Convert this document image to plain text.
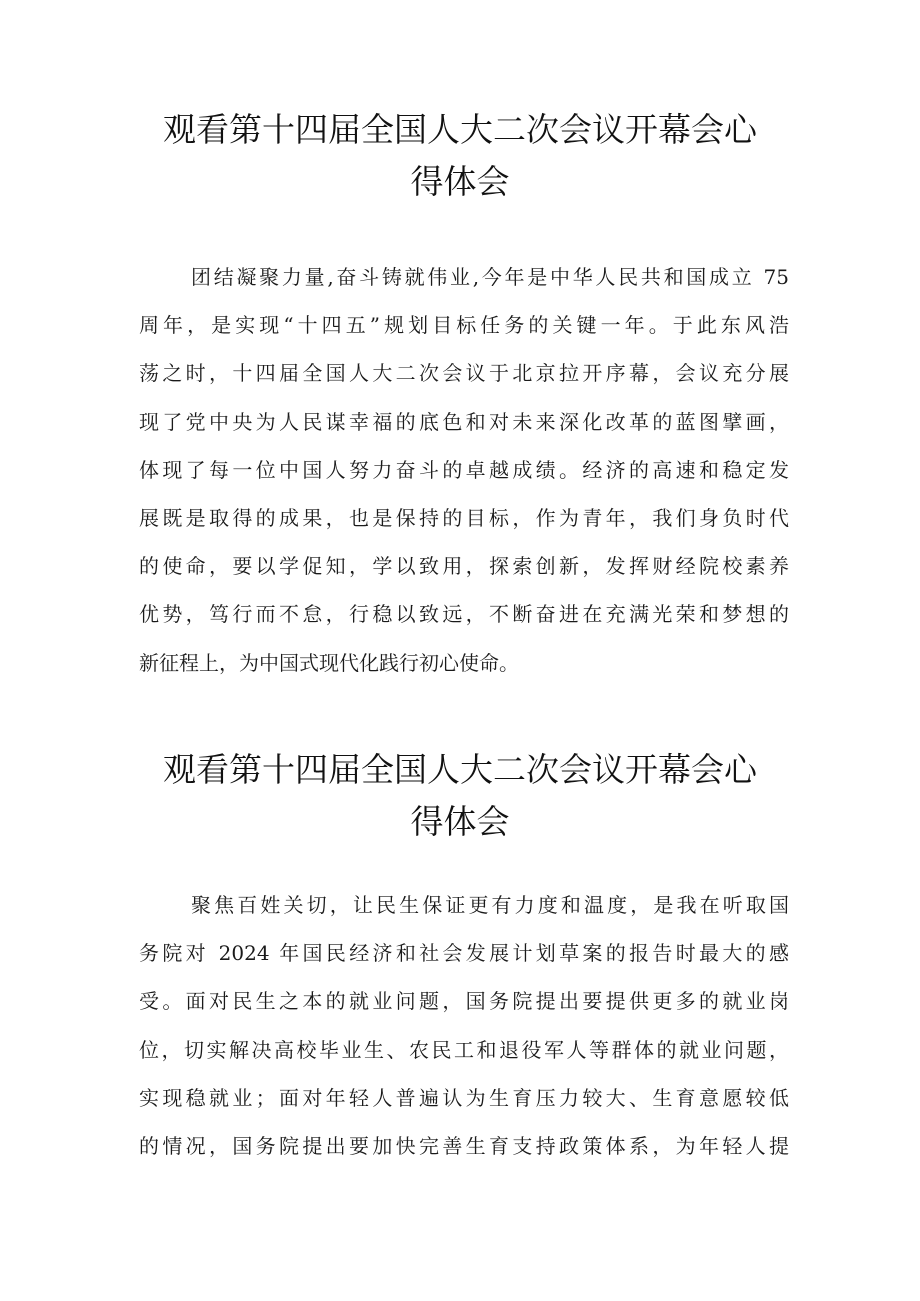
观看第十四届全国人大二次会议开幕会心
得体会
团结凝聚力量,奋斗铸就伟业,今年是中华人民共和国成立 75
周年，是实现“十四五”规划目标任务的关键一年。于此东风浩
荡之时，十四届全国人大二次会议于北京拉开序幕，会议充分展
现了党中央为人民谋幸福的底色和对未来深化改革的蓝图擘画，
体现了每一位中国人努力奋斗的卓越成绩。经济的高速和稳定发
展既是取得的成果，也是保持的目标，作为青年，我们身负时代
的使命，要以学促知，学以致用，探索创新，发挥财经院校素养
优势，笃行而不怠，行稳以致远，不断奋进在充满光荣和梦想的
新征程上，为中国式现代化践行初心使命。
观看第十四届全国人大二次会议开幕会心
得体会
聚焦百姓关切，让民生保证更有力度和温度，是我在听取国
务院对 2024 年国民经济和社会发展计划草案的报告时最大的感
受。面对民生之本的就业问题，国务院提出要提供更多的就业岗
位，切实解决高校毕业生、农民工和退役军人等群体的就业问题，
实现稳就业；面对年轻人普遍认为生育压力较大、生育意愿较低
的情况，国务院提出要加快完善生育支持政策体系，为年轻人提
